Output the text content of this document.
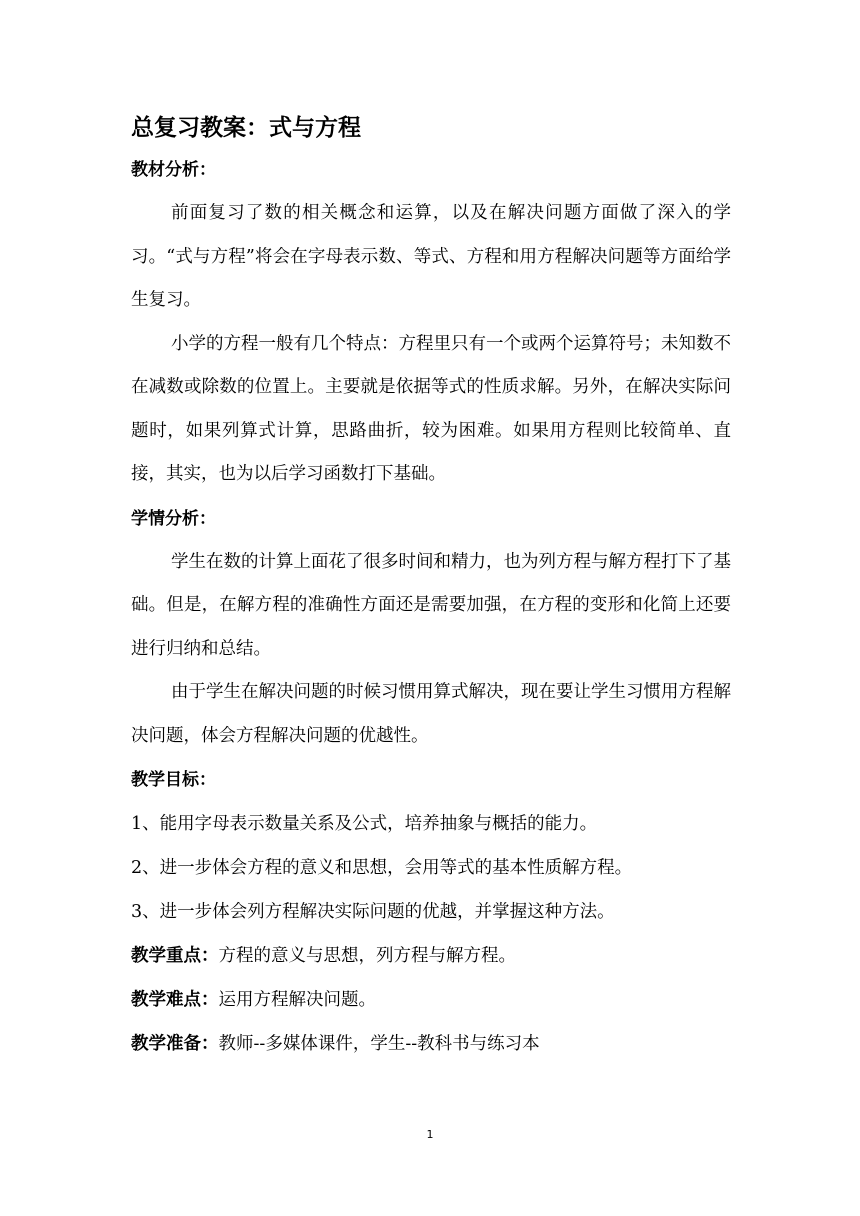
总复习教案：式与方程
教材分析：

前面复习了数的相关概念和运算，以及在解决问题方面做了深入的学习。“式与方程”将会在字母表示数、等式、方程和用方程解决问题等方面给学生复习。

小学的方程一般有几个特点：方程里只有一个或两个运算符号；未知数不在减数或除数的位置上。主要就是依据等式的性质求解。另外，在解决实际问题时，如果列算式计算，思路曲折，较为困难。如果用方程则比较简单、直接，其实，也为以后学习函数打下基础。

学情分析：

学生在数的计算上面花了很多时间和精力，也为列方程与解方程打下了基础。但是，在解方程的准确性方面还是需要加强，在方程的变形和化简上还要进行归纳和总结。

由于学生在解决问题的时候习惯用算式解决，现在要让学生习惯用方程解决问题，体会方程解决问题的优越性。

教学目标：

1、能用字母表示数量关系及公式，培养抽象与概括的能力。

2、进一步体会方程的意义和思想，会用等式的基本性质解方程。

3、进一步体会列方程解决实际问题的优越，并掌握这种方法。

教学重点：方程的意义与思想，列方程与解方程。

教学难点：运用方程解决问题。

教学准备：教师--多媒体课件，学生--教科书与练习本

1
